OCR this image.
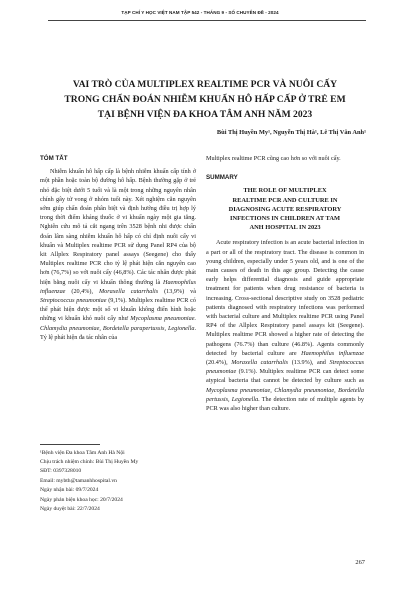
TẠP CHÍ Y HỌC VIỆT NAM TẬP 542 - THÁNG 9 - SỐ CHUYÊN ĐỀ - 2024
VAI TRÒ CỦA MULTIPLEX REALTIME PCR VÀ NUÔI CẤY
TRONG CHẨN ĐOÁN NHIỄM KHUẨN HÔ HẤP CẤP Ở TRẺ EM
TẠI BỆNH VIỆN ĐA KHOA TÂM ANH NĂM 2023
Bùi Thị Huyền My¹, Nguyễn Thị Hà¹, Lê Thị Vân Anh¹
TÓM TẮT

Nhiễm khuẩn hô hấp cấp là bệnh nhiễm khuẩn cấp tính ở một phần hoặc toàn bộ đường hô hấp. Bệnh thường gặp ở trẻ nhỏ đặc biệt dưới 5 tuổi và là một trong những nguyên nhân chính gây tử vong ở nhóm tuổi này. Xét nghiệm căn nguyên sớm giúp chẩn đoán phân biệt và định hướng điều trị hợp lý trong thời điểm kháng thuốc ở vi khuẩn ngày một gia tăng. Nghiên cứu mô tả cắt ngang trên 3528 bệnh nhi được chẩn đoán lâm sàng nhiễm khuẩn hô hấp có chỉ định nuôi cấy vi khuẩn và Multiplex realtime PCR sử dụng Panel RP4 của bộ kit Allplex Respiratory panel assays (Seegene) cho thấy Multiplex realtime PCR cho tỷ lệ phát hiện căn nguyên cao hơn (76,7%) so với nuôi cấy (46,8%). Các tác nhân được phát hiện bằng nuôi cấy vi khuẩn thông thường là Haemophilus influenzae (20,4%), Moraxella catarrhalis (13,9%) và Streptococcus pneumoniae (9,1%). Multiplex realtime PCR có thể phát hiện được một số vi khuẩn không điển hình hoặc những vi khuẩn khó nuôi cấy như Mycoplasma pneumoniae. Chlamydia pneumoniae, Bordetella parapertussis, Legionella. Tỷ lệ phát hiện đa tác nhân của

Multiplex realtime PCR cũng cao hơn so với nuôi cấy.

SUMMARY
THE ROLE OF MULTIPLEX
REALTIME PCR AND CULTURE IN
DIAGNOSING ACUTE RESPIRATORY
INFECTIONS IN CHILDREN AT TAM
ANH HOSPITAL IN 2023

Acute respiratory infection is an acute bacterial infection in a part or all of the respiratory tract. The disease is common in young children, especially under 5 years old, and is one of the main causes of death in this age group. Detecting the cause early helps differential diagnosis and guide appropriate treatment for patients when drug resistance of bacteria is increasing. Cross-sectional descriptive study on 3528 pediatric patients diagnosed with respiratory infections was performed with bacterial culture and Multiplex realtime PCR using Panel RP4 of the Allplex Respiratory panel assays kit (Seegene). Multiplex realtime PCR showed a higher rate of detecting the pathogens (76.7%) than culture (46.8%). Agents commonly detected by bacterial culture are Haemophilus influenzae (20.4%), Moraxella catarrhalis (13.9%), and Streptococcus pneumoniae (9.1%). Multiplex realtime PCR can detect some atypical bacteria that cannot be detected by culture such as Mycoplasma pneumoniae, Chlamydia pneumoniae, Bordetella pertussis, Legionella. The detection rate of multiple agents by PCR was also higher than culture.

¹Bệnh viện Đa khoa Tâm Anh Hà Nội
Chịu trách nhiệm chính: Bùi Thị Huyền My
SĐT: 0397328010
Email: mybth@tamanhhospital.vn
Ngày nhận bài: 09/7/2024
Ngày phản biện khoa học: 20/7/2024
Ngày duyệt bài: 22/7/2024
267
